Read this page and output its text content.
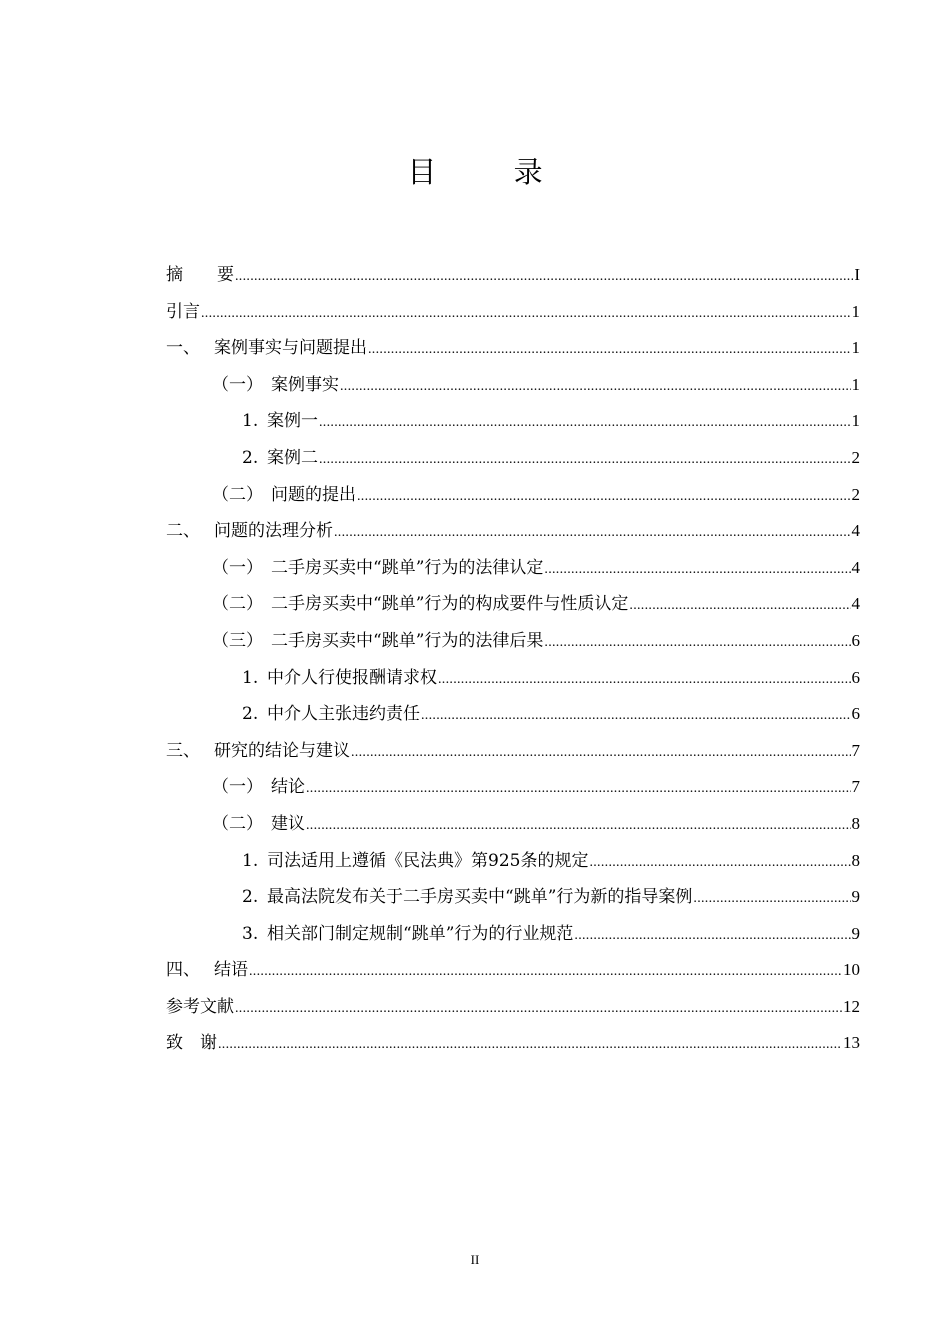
目 录
摘　　要 .....	I
引言 .....	1
一、 案例事实与问题提出 .....	1
（一） 案例事实 .....	1
1. 案例一 .....	1
2. 案例二 .....	2
（二） 问题的提出 .....	2
二、 问题的法理分析 .....	4
（一） 二手房买卖中“跳单”行为的法律认定 .....	4
（二） 二手房买卖中“跳单”行为的构成要件与性质认定 .....	4
（三） 二手房买卖中“跳单”行为的法律后果 .....	6
1. 中介人行使报酬请求权 .....	6
2. 中介人主张违约责任 .....	6
三、 研究的结论与建议 .....	7
（一） 结论 .....	7
（二） 建议 .....	8
1. 司法适用上遵循《民法典》第925条的规定 .....	8
2. 最高法院发布关于二手房买卖中“跳单”行为新的指导案例 .....	9
3. 相关部门制定规制“跳单”行为的行业规范 .....	9
四、 结语 .....	10
参考文献 .....	12
致　谢 .....	13
II
